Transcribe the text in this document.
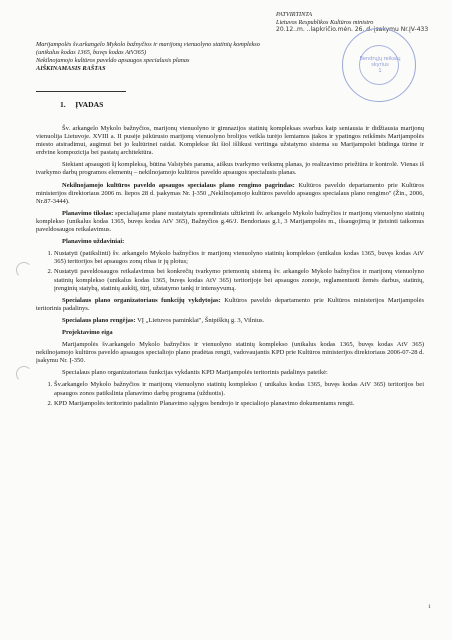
PATVIRTINTA
Lietuvos Respublikos Kultūros ministro
20.12..m. ..lapkričio.mėn. 26..d. įsakymu Nr.ĮV-433
Bendrųjų reikalų
skyrius
1
Marijampolės šv.arkangelo Mykolo bažnyčios ir marijonų vienuolyno statinių komplekso
(unikalus kodas 1365, buvęs kodas AtV365)
Nekilnojamojo kultūros paveldo apsaugos specialusis planas
AIŠKINAMASIS RAŠTAS
1. ĮVADAS

Šv. arkangelo Mykolo bažnyčios, marijonų vienuolyno ir gimnazijos statinių kompleksas svarbus kaip seniausia ir didžiausia marijonų vienuolija Lietuvoje. XVIII a. II pusėje įsikūrusio marijonų vienuolyno brolijos veikla turėjo lemiamos įtakos ir ypatingos reikšmės Marijampolės miesto atsiradimui, augimui bei jo kultūrinei raidai. Komplekse iki šiol išlikusi veritinga užstatymo sistema su Marijampolei būdinga tūrine ir erdvine kompozicija bei pastatų architektūra.

Siekiant apsaugoti šį kompleksą, būtina Valstybės parama, aiškus tvarkymo veiksmų planas, jo realizavimo priežiūra ir kontrolė. Vienas iš tvarkymo darbų programos elementų – nekilnojamojo kultūros paveldo apsaugos specialusis planas.

Nekilnojamojo kultūros paveldo apsaugos specialaus plano rengimo pagrindas: Kultūros paveldo departamento prie Kultūros ministerijos direktoriaus 2006 m. liepos 28 d. įsakymas Nr. Į-350 „Nekilnojamojo kultūros paveldo apsaugos specialaus plano rengimo" (Žin., 2006, Nr.87-3444).

Planavimo tikslas: specialiajame plane nustatytais sprendiniais užtikrinti šv. arkangelo Mykolo bažnyčios ir marijonų vienuolyno statinių komplekso (unikalus kodas 1365, buvęs kodas AtV 365), Bažnyčios g.46/J. Bendoriaus g.1, 3 Marijampolės m., išsaugojimą ir įteisinti taikomus paveldosaugos reikalavimus.

Planavimo uždaviniai:

1. Nustatyti (patikslinti) šv. arkangelo Mykolo bažnyčios ir marijonų vienuolyno statinių komplekso (unikalus kodas 1365, buvęs kodas AtV 365) teritorijos bei apsaugos zonų ribas ir jų plotus;
2. Nustatyti paveldosaugos reikalavimus bei konkrečių tvarkymo priemonių sistemą šv. arkangelo Mykolo bažnyčios ir marijonų vienuolyno statinių komplekso (unikalus kodas 1365, buvęs kodas AtV 365) teritorijoje bei apsaugos zonoje, reglamentuoti žemės darbus, statinių, įrenginių statybą, statinių aukštį, tūrį, užstatymo tankį ir intensyvumą.

Specialaus plano organizatoriaus funkcijų vykdytojas: Kultūros paveldo departamento prie Kultūros ministerijos Marijampolės teritorinis padalinys.

Specialaus plano rengėjas: VĮ „Lietuvos paminklai", Šnipiškių g. 3, Vilnius.

Projektavimo eiga

Marijampolės šv.arkangelo Mykolo bažnyčios ir vienuolyno statinių komplekso (unikalus kodas 1365, buvęs kodas AtV 365) nekilnojamojo kultūros paveldo apsaugos specialiojo plano pradėtas rengti, vadovaujantis KPD prie Kultūros ministerijos direktoriaus 2006-07-28 d. įsakymu Nr. Į-350.

Specialaus plano organizatoriaus funkcijas vykdantis KPD Marijampolės teritorinis padalinys pateikė:

1. Šv.arkangelo Mykolo bažnyčios ir marijonų vienuolyno statinių komplekso ( unikalus kodas 1365, buvęs kodas AtV 365) teritorijos bei apsaugos zonos patikslinta planavimo darbų programa (užduotis).
2. KPD Marijampolės teritorinio padalinio Planavimo sąlygos bendrojo ir specialiojo planavimo dokumentams rengti.
1
